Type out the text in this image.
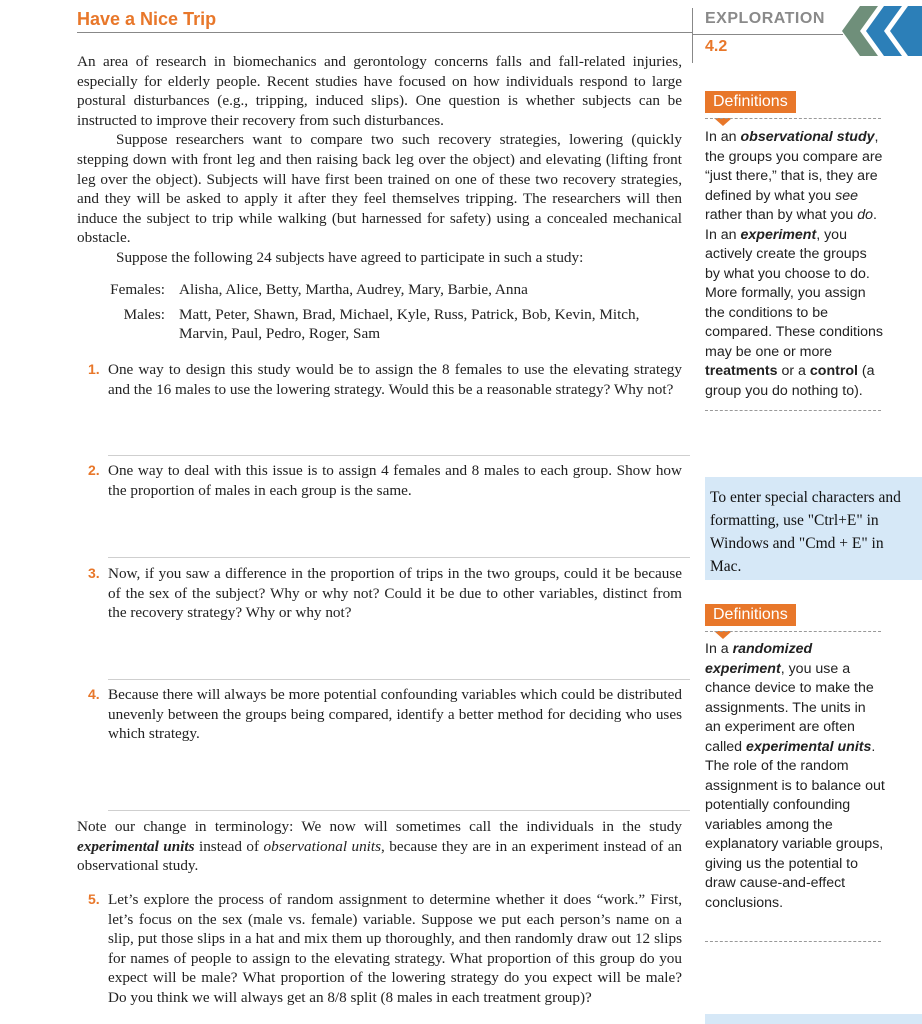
Have a Nice Trip	EXPLORATION
4.2

An area of research in biomechanics and gerontology concerns falls and fall-related injuries, especially for elderly people. Recent studies have focused on how individuals respond to large postural disturbances (e.g., tripping, induced slips). One question is whether subjects can be instructed to improve their recovery from such disturbances.

Suppose researchers want to compare two such recovery strategies, lowering (quickly stepping down with front leg and then raising back leg over the object) and elevating (lifting front leg over the object). Subjects will have first been trained on one of these two recovery strategies, and they will be asked to apply it after they feel themselves tripping. The researchers will then induce the subject to trip while walking (but harnessed for safety) using a concealed mechanical obstacle.

Suppose the following 24 subjects have agreed to participate in such a study:

Females: Alisha, Alice, Betty, Martha, Audrey, Mary, Barbie, Anna
Males: Matt, Peter, Shawn, Brad, Michael, Kyle, Russ, Patrick, Bob, Kevin, Mitch,
Marvin, Paul, Pedro, Roger, Sam
1. One way to design this study would be to assign the 8 females to use the elevating strategy and the 16 males to use the lowering strategy. Would this be a reasonable strategy? Why not?
2. One way to deal with this issue is to assign 4 females and 8 males to each group. Show how the proportion of males in each group is the same.
3. Now, if you saw a difference in the proportion of trips in the two groups, could it be because of the sex of the subject? Why or why not? Could it be due to other variables, distinct from the recovery strategy? Why or why not?
4. Because there will always be more potential confounding variables which could be distributed unevenly between the groups being compared, identify a better method for deciding who uses which strategy.

Note our change in terminology: We now will sometimes call the individuals in the study experimental units instead of observational units, because they are in an experiment instead of an observational study.

5. Let’s explore the process of random assignment to determine whether it does “work.” First, let’s focus on the sex (male vs. female) variable. Suppose we put each person’s name on a slip, put those slips in a hat and mix them up thoroughly, and then randomly draw out 12 slips for names of people to assign to the elevating strategy. What proportion of this group do you expect will be male? What proportion of the lowering strategy do you expect will be male? Do you think we will always get an 8/8 split (8 males in each treatment group)?
Definitions
In an observational study, the groups you compare are “just there,” that is, they are defined by what you see rather than by what you do. In an experiment, you actively create the groups by what you choose to do. More formally, you assign the conditions to be compared. These conditions may be one or more treatments or a control (a group you do nothing to).
To enter special characters and formatting, use "Ctrl+E" in Windows and "Cmd + E" in Mac.
Definitions
In a randomized experiment, you use a chance device to make the assignments. The units in an experiment are often called experimental units. The role of the random assignment is to balance out potentially confounding variables among the explanatory variable groups, giving us the potential to draw cause-and-effect conclusions.
